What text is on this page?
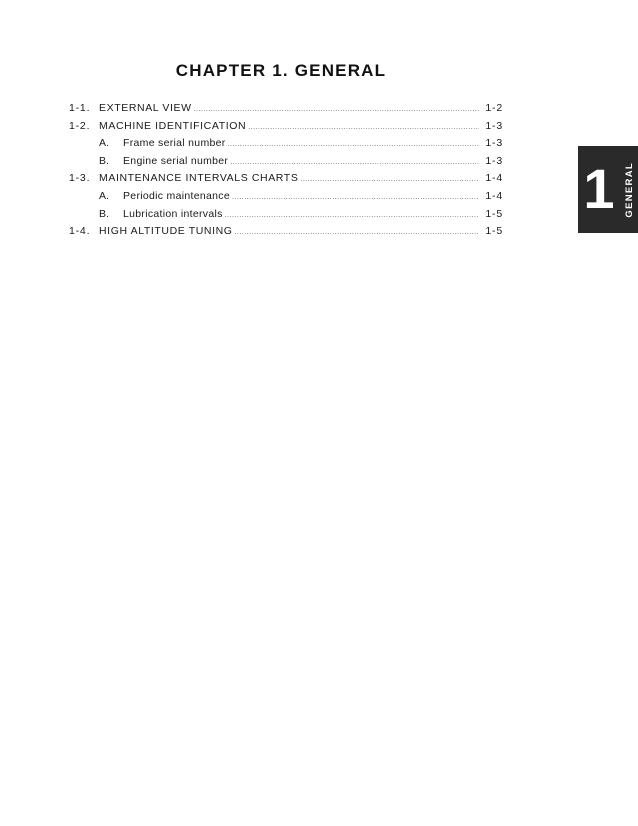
CHAPTER 1. GENERAL
1-1. EXTERNAL VIEW .....	1-2
1-2. MACHINE IDENTIFICATION .....	1-3
A.	Frame serial number .....	1-3
B.	Engine serial number .....	1-3
1-3. MAINTENANCE INTERVALS CHARTS .....	1-4
A.	Periodic maintenance .....	1-4
B.	Lubrication intervals .....	1-5
1-4. HIGH ALTITUDE TUNING .....	1-5
1 GENERAL
